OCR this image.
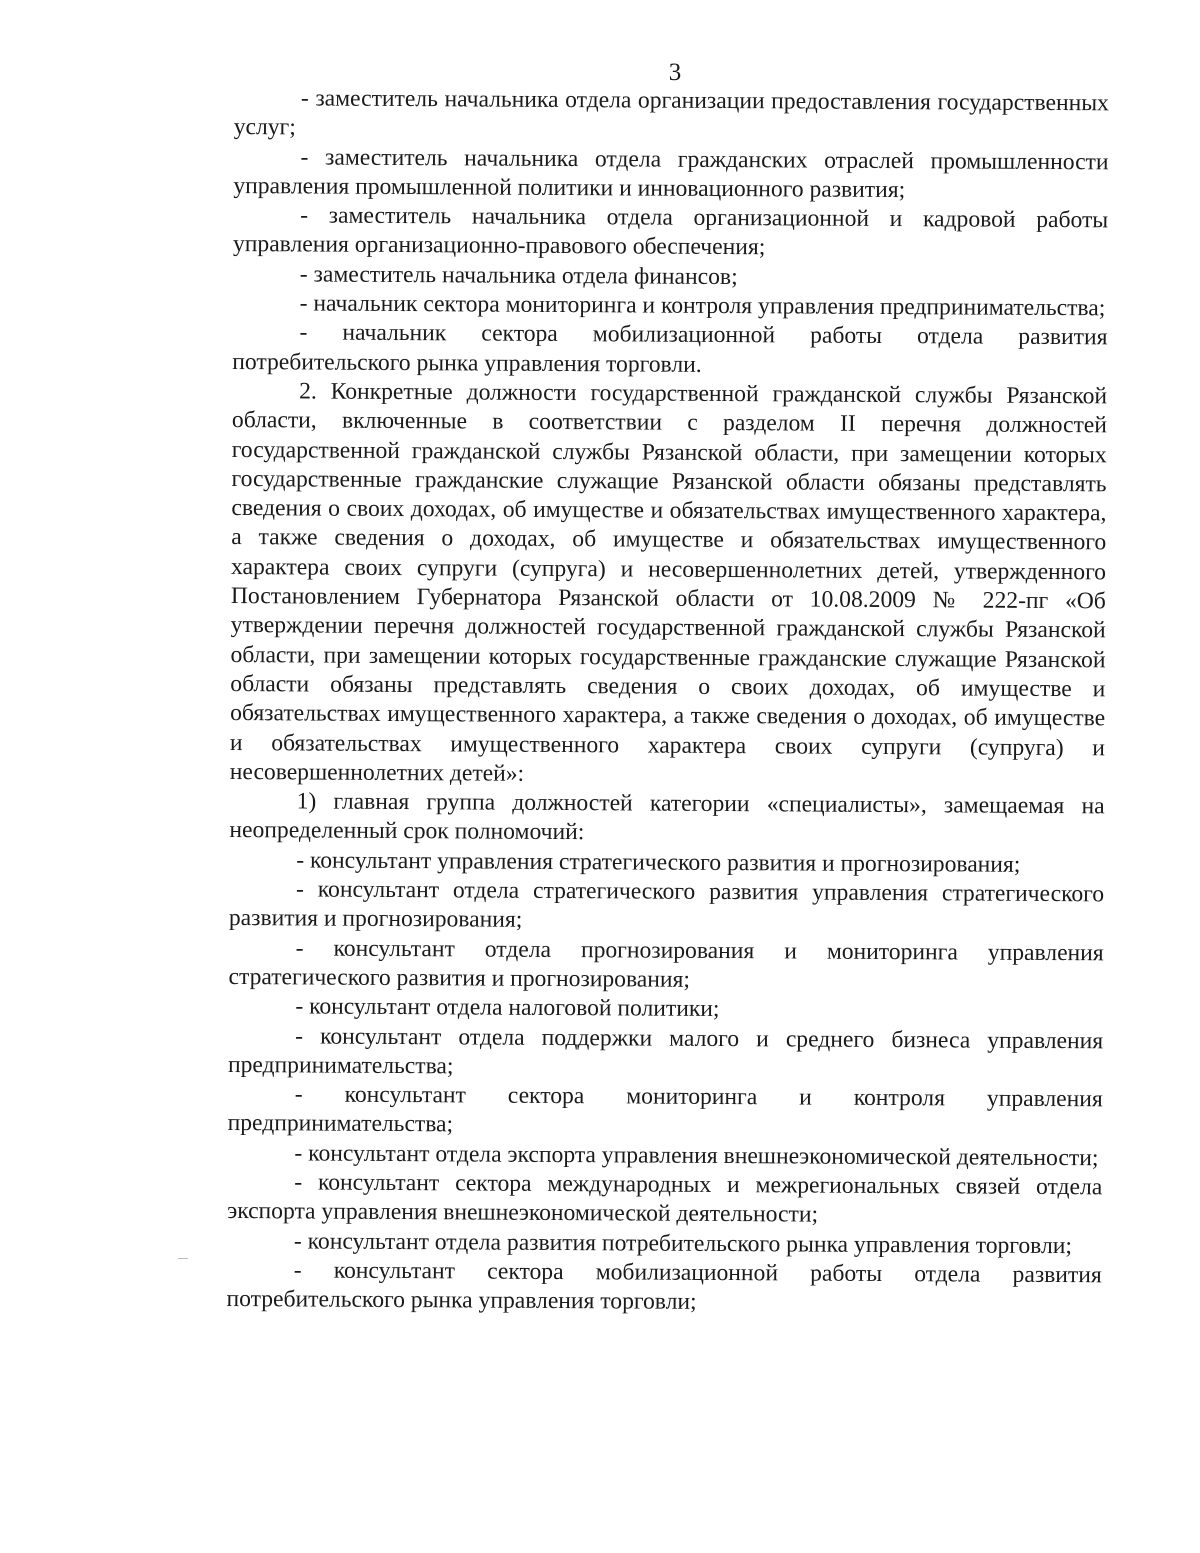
3

- заместитель начальника отдела организации предоставления государственных услуг;

- заместитель начальника отдела гражданских отраслей промышленности управления промышленной политики и инновационного развития;

- заместитель начальника отдела организационной и кадровой работы управления организационно-правового обеспечения;

- заместитель начальника отдела финансов;

- начальник сектора мониторинга и контроля управления предпринимательства;

- начальник сектора мобилизационной работы отдела развития потребительского рынка управления торговли.

2. Конкретные должности государственной гражданской службы Рязанской области, включенные в соответствии с разделом II перечня должностей государственной гражданской службы Рязанской области, при замещении которых государственные гражданские служащие Рязанской области обязаны представлять сведения о своих доходах, об имуществе и обязательствах имущественного характера, а также сведения о доходах, об имуществе и обязательствах имущественного характера своих супруги (супруга) и несовершеннолетних детей, утвержденного Постановлением Губернатора Рязанской области от 10.08.2009 № 222-пг «Об утверждении перечня должностей государственной гражданской службы Рязанской области, при замещении которых государственные гражданские служащие Рязанской области обязаны представлять сведения о своих доходах, об имуществе и обязательствах имущественного характера, а также сведения о доходах, об имуществе и обязательствах имущественного характера своих супруги (супруга) и несовершеннолетних детей»:

1) главная группа должностей категории «специалисты», замещаемая на неопределенный срок полномочий:

- консультант управления стратегического развития и прогнозирования;

- консультант отдела стратегического развития управления стратегического развития и прогнозирования;

- консультант отдела прогнозирования и мониторинга управления стратегического развития и прогнозирования;

- консультант отдела налоговой политики;

- консультант отдела поддержки малого и среднего бизнеса управления предпринимательства;

- консультант сектора мониторинга и контроля управления предпринимательства;

- консультант отдела экспорта управления внешнеэкономической деятельности;

- консультант сектора международных и межрегиональных связей отдела экспорта управления внешнеэкономической деятельности;

- консультант отдела развития потребительского рынка управления торговли;

- консультант сектора мобилизационной работы отдела развития потребительского рынка управления торговли;
